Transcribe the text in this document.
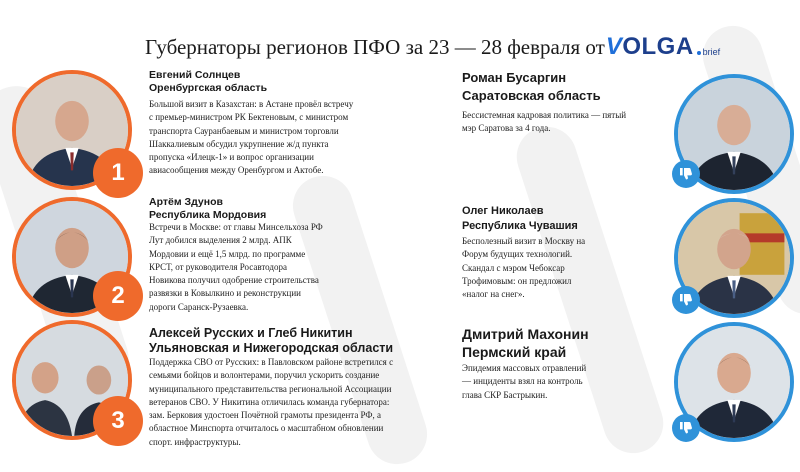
Губернаторы регионов ПФО за 23 — 28 февраля от VOLGA brief
1
Евгений Солнцев
Оренбургская область
Большой визит в Казахстан: в Астане провёл встречу с премьер-министром РК Бектеновым, с министром транспорта Сауранбаевым и министром торговли Шаккалиевым обсудил укрупнение ж/д пункта пропуска «Илецк-1» и вопрос организации авиасообщения между Оренбургом и Актобе.
2
Артём Здунов
Республика Мордовия
Встречи в Москве: от главы Минсельхоза РФ Лут добился выделения 2 млрд. АПК Мордовии и ещё 1,5 млрд. по программе КРСТ, от руководителя Росавтодора Новикова получил одобрение строительства развязки в Ковылкино и реконструкции дороги Саранск-Рузаевка.
3
Алексей Русских и Глеб Никитин
Ульяновская и Нижегородская области
Поддержка СВО от Русских: в Павловском районе встретился с семьями бойцов и волонтерами, поручил ускорить создание муниципального представительства региональной Ассоциации ветеранов СВО. У Никитина отличилась команда губернатора: зам. Берковия удостоен Почётной грамоты президента РФ, а областное Минспорта отчиталось о масштабном обновлении спорт. инфраструктуры.
Роман Бусаргин
Саратовская область
Бессистемная кадровая политика — пятый мэр Саратова за 4 года.
Олег Николаев
Республика Чувашия
Бесполезный визит в Москву на Форум будущих технологий. Скандал с мэром Чебоксар Трофимовым: он предложил «налог на снег».
Дмитрий Махонин
Пермский край
Эпидемия массовых отравлений — инциденты взял на контроль глава СКР Бастрыкин.
